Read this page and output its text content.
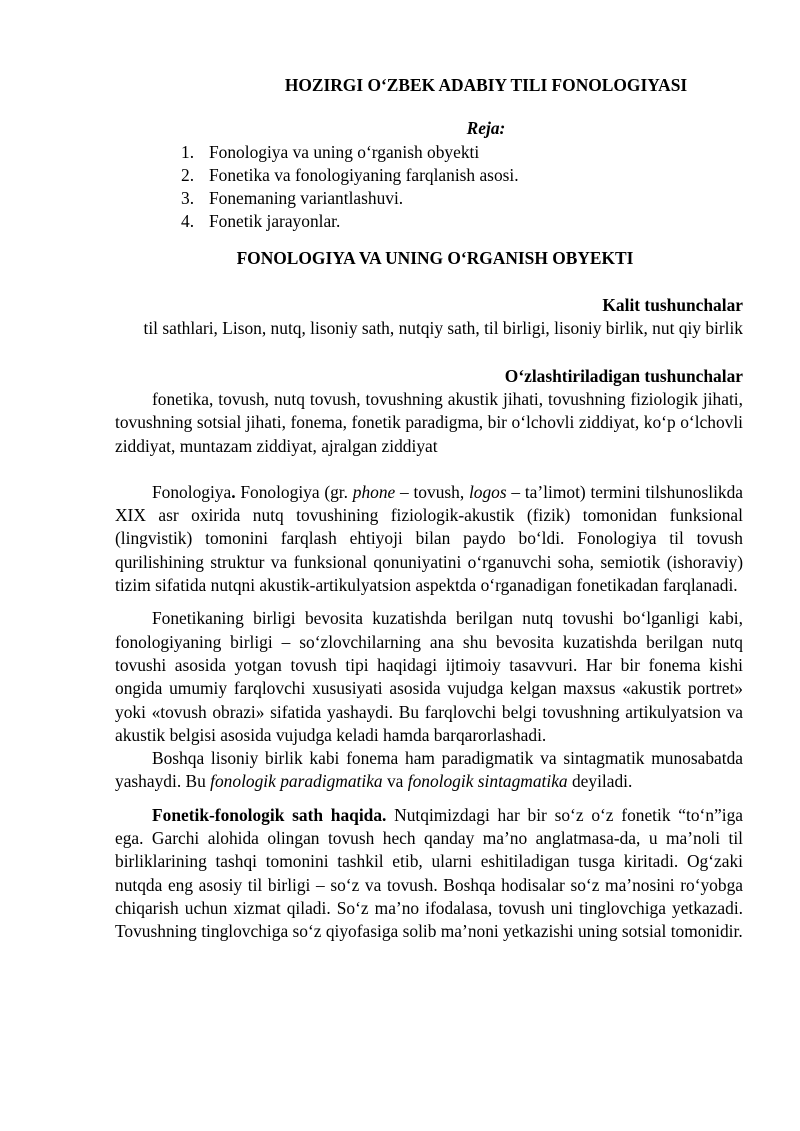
HOZIRGI O‘ZBEK ADABIY TILI FONOLOGIYASI
Reja:
1. Fonologiya va uning o‘rganish obyekti
2. Fonetika va fonologiyaning farqlanish asosi.
3. Fonemaning variantlashuvi.
4. Fonetik jarayonlar.
FONOLOGIYA VA UNING O‘RGANISH OBYEKTI
Kalit tushunchalar
til sathlari, Lison, nutq, lisoniy sath, nutqiy sath, til birligi, lisoniy birlik, nut qiy birlik
O‘zlashtiriladigan tushunchalar

fonetika, tovush, nutq tovush, tovushning akustik jihati, tovushning fiziologik jihati, tovushning sotsial jihati, fonema, fonetik paradigma, bir o‘lchovli ziddiyat, ko‘p o‘lchovli ziddiyat, muntazam ziddiyat, ajralgan ziddiyat

Fonologiya. Fonologiya (gr. phone – tovush, logos – ta’limot) termini tilshunoslikda XIX asr oxirida nutq tovushining fiziologik-akustik (fizik) tomonidan funksional (lingvistik) tomonini farqlash ehtiyoji bilan paydo bo‘ldi. Fonologiya til tovush qurilishining struktur va funksional qonuniyatini o‘rganuvchi soha, semiotik (ishoraviy) tizim sifatida nutqni akustik-artikulyatsion aspektda o‘rganadigan fonetikadan farqlanadi.

Fonetikaning birligi bevosita kuzatishda berilgan nutq tovushi bo‘lganligi kabi, fonologiyaning birligi – so‘zlovchilarning ana shu bevosita kuzatishda berilgan nutq tovushi asosida yotgan tovush tipi haqidagi ijtimoiy tasavvuri. Har bir fonema kishi ongida umumiy farqlovchi xususiyati asosida vujudga kelgan maxsus «akustik portret» yoki «tovush obrazi» sifatida yashaydi. Bu farqlovchi belgi tovushning artikulyatsion va akustik belgisi asosida vujudga keladi hamda barqarorlashadi.

Boshqa lisoniy birlik kabi fonema ham paradigmatik va sintagmatik munosabatda yashaydi. Bu fonologik paradigmatika va fonologik sintagmatika deyiladi.

Fonetik-fonologik sath haqida. Nutqimizdagi har bir so‘z o‘z fonetik “to‘n”iga ega. Garchi alohida olingan tovush hech qanday ma’no anglatmasa-da, u ma’noli til birliklarining tashqi tomonini tashkil etib, ularni eshitiladigan tusga kiritadi. Og‘zaki nutqda eng asosiy til birligi – so‘z va tovush. Boshqa hodisalar so‘z ma’nosini ro‘yobga chiqarish uchun xizmat qiladi. So‘z ma’no ifodalasa, tovush uni tinglovchiga yetkazadi. Tovushning tinglovchiga so‘z qiyofasiga solib ma’noni yetkazishi uning sotsial tomonidir.
